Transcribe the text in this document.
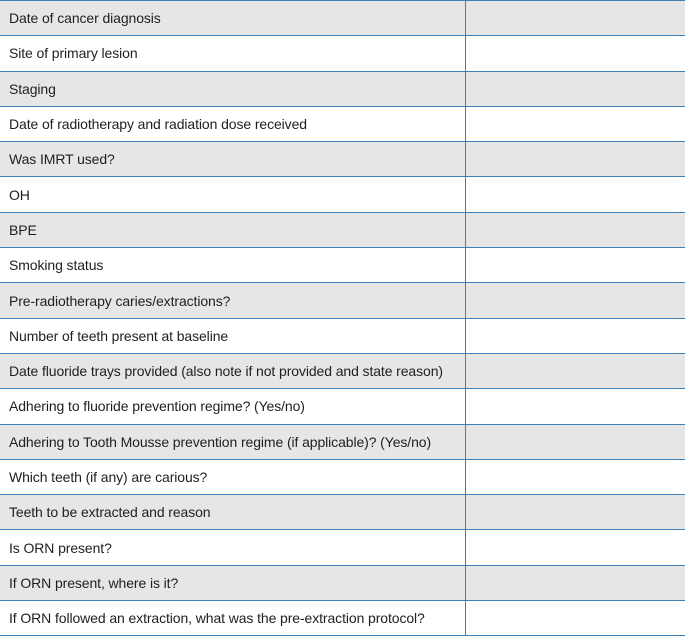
Date of cancer diagnosis	
Site of primary lesion	
Staging	
Date of radiotherapy and radiation dose received	
Was IMRT used?	
OH	
BPE	
Smoking status	
Pre-radiotherapy caries/extractions?	
Number of teeth present at baseline	
Date fluoride trays provided (also note if not provided and state reason)	
Adhering to fluoride prevention regime? (Yes/no)	
Adhering to Tooth Mousse prevention regime (if applicable)? (Yes/no)	
Which teeth (if any) are carious?	
Teeth to be extracted and reason	
Is ORN present?	
If ORN present, where is it?	
If ORN followed an extraction, what was the pre-extraction protocol?	
